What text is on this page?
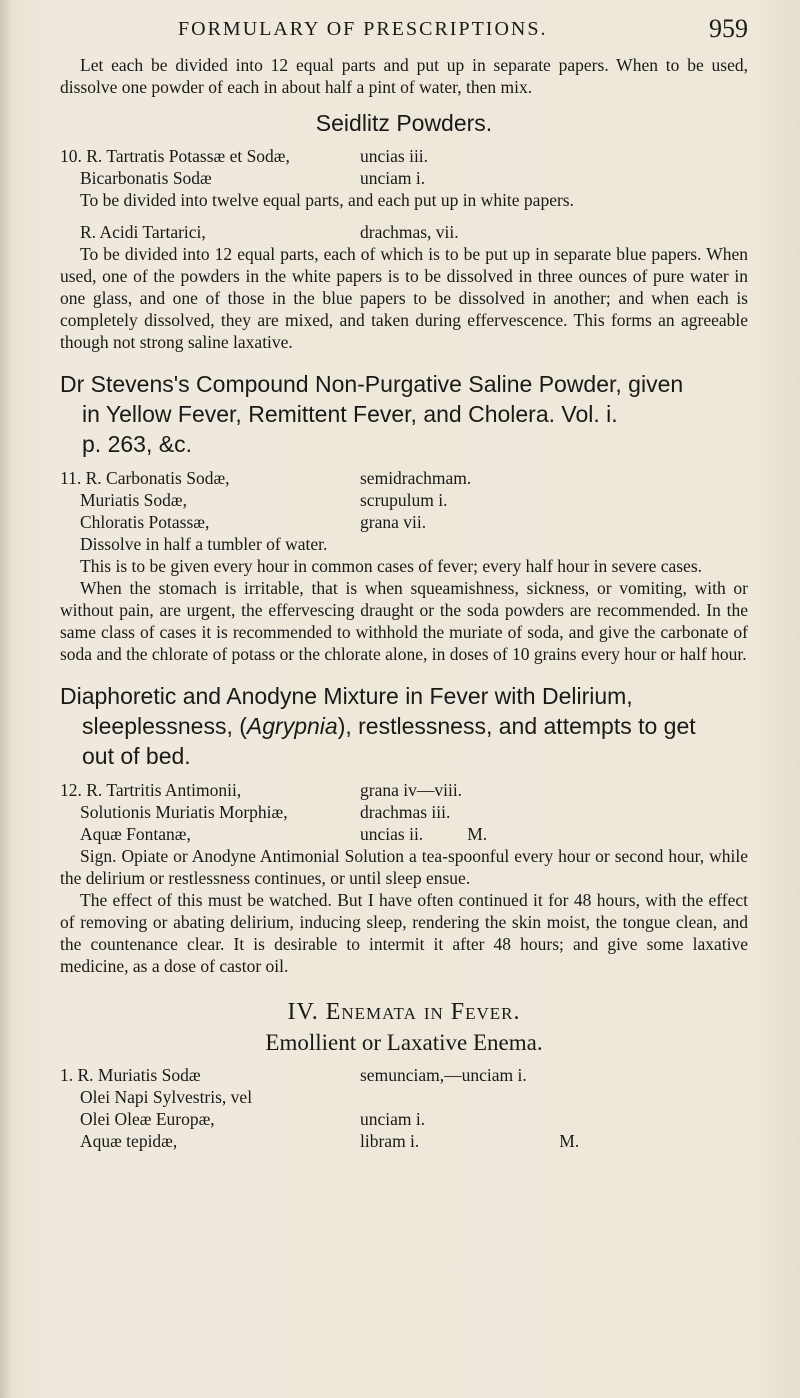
FORMULARY OF PRESCRIPTIONS.	959

Let each be divided into 12 equal parts and put up in separate papers. When to be used, dissolve one powder of each in about half a pint of water, then mix.

Seidlitz Powders.
10. R. Tartratis Potassæ et Sodæ,	uncias iii.
Bicarbonatis Sodæ	unciam i.

To be divided into twelve equal parts, and each put up in white papers.

R. Acidi Tartarici,	drachmas, vii.

To be divided into 12 equal parts, each of which is to be put up in separate blue papers. When used, one of the powders in the white papers is to be dissolved in three ounces of pure water in one glass, and one of those in the blue papers to be dissolved in another; and when each is completely dissolved, they are mixed, and taken during effervescence. This forms an agreeable though not strong saline laxative.

Dr Stevens's Compound Non-Purgative Saline Powder, given
in Yellow Fever, Remittent Fever, and Cholera. Vol. i.
p. 263, &c.
11. R. Carbonatis Sodæ,	semidrachmam.
Muriatis Sodæ,	scrupulum i.
Chloratis Potassæ,	grana vii.

Dissolve in half a tumbler of water.

This is to be given every hour in common cases of fever; every half hour in severe cases.

When the stomach is irritable, that is when squeamishness, sickness, or vomiting, with or without pain, are urgent, the effervescing draught or the soda powders are recommended. In the same class of cases it is recommended to withhold the muriate of soda, and give the carbonate of soda and the chlorate of potass or the chlorate alone, in doses of 10 grains every hour or half hour.

Diaphoretic and Anodyne Mixture in Fever with Delirium,
sleeplessness, (Agrypnia), restlessness, and attempts to get
out of bed.
12. R. Tartritis Antimonii,	grana iv—viii.
Solutionis Muriatis Morphiæ,	drachmas iii.
Aquæ Fontanæ,	uncias ii.	M.

Sign. Opiate or Anodyne Antimonial Solution a tea-spoonful every hour or second hour, while the delirium or restlessness continues, or until sleep ensue.

The effect of this must be watched. But I have often continued it for 48 hours, with the effect of removing or abating delirium, inducing sleep, rendering the skin moist, the tongue clean, and the countenance clear. It is desirable to intermit it after 48 hours; and give some laxative medicine, as a dose of castor oil.

IV. Enemata in Fever.
Emollient or Laxative Enema.
1. R. Muriatis Sodæ	semunciam,—unciam i.
Olei Napi Sylvestris, vel
Olei Oleæ Europæ,	unciam i.
Aquæ tepidæ,	libram i.	M.
